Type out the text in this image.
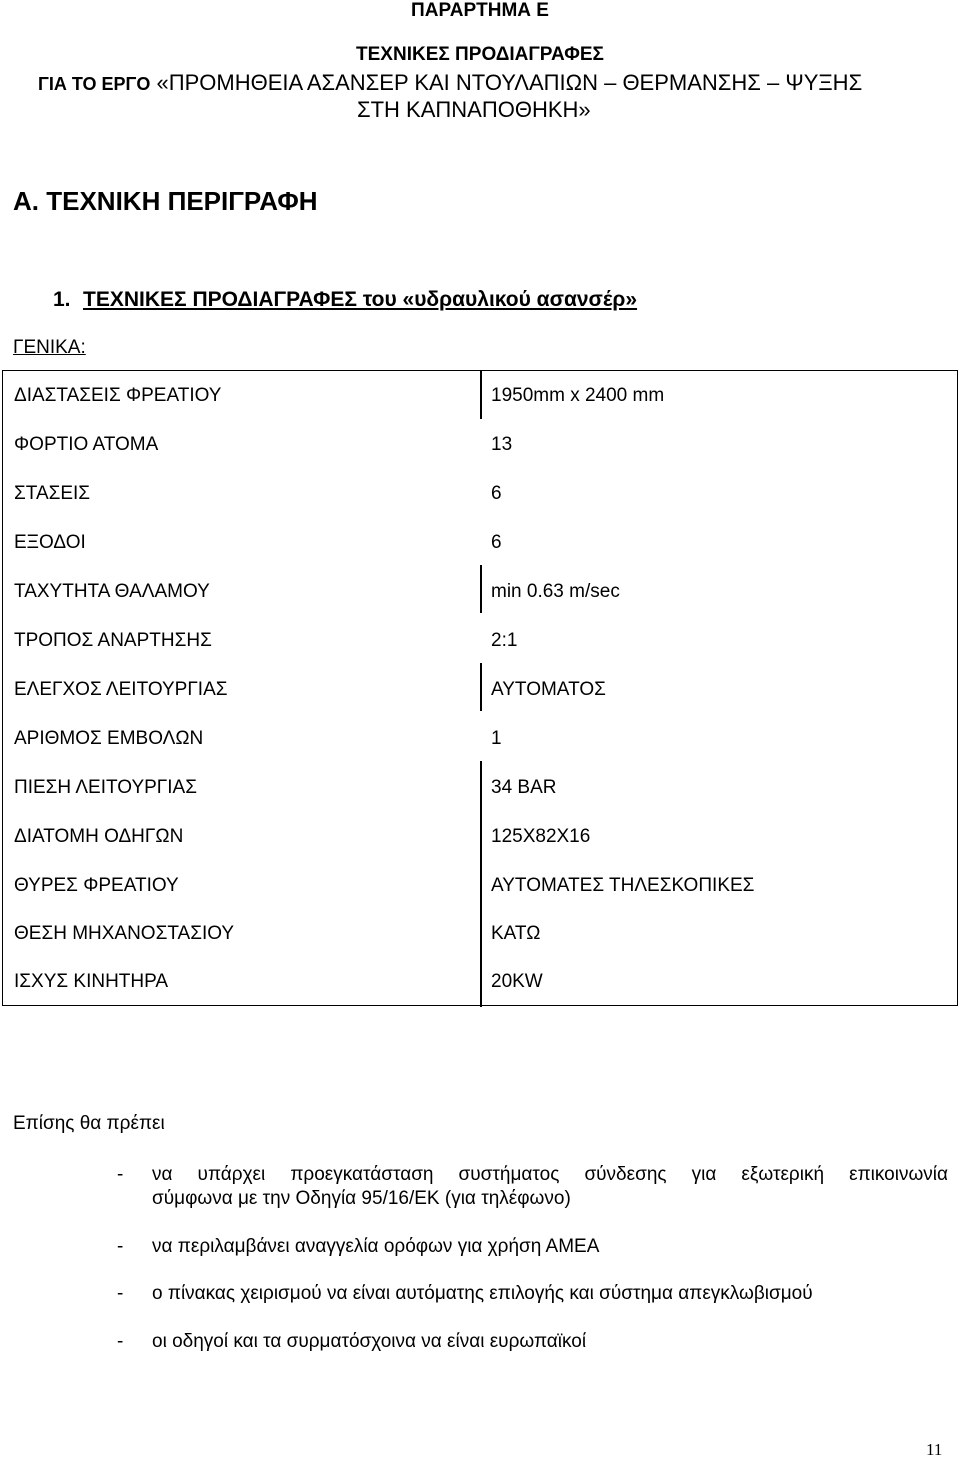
ΠΑΡΑΡΤΗΜΑ Ε
ΤΕΧΝΙΚΕΣ ΠΡΟΔΙΑΓΡΑΦΕΣ
ΓΙΑ ΤΟ ΕΡΓΟ «ΠΡΟΜΗΘΕΙΑ ΑΣΑΝΣΕΡ ΚΑΙ ΝΤΟΥΛΑΠΙΩΝ – ΘΕΡΜΑΝΣΗΣ – ΨΥΞΗΣ
ΣΤΗ ΚΑΠΝΑΠΟΘΗΚΗ»
Α. ΤΕΧΝΙΚΗ ΠΕΡΙΓΡΑΦΗ
1. ΤΕΧΝΙΚΕΣ ΠΡΟΔΙΑΓΡΑΦΕΣ του «υδραυλικού ασανσέρ»
ΓΕΝΙΚΑ:
ΔΙΑΣΤΑΣΕΙΣ ΦΡΕΑΤΙΟΥ	1950mm x 2400 mm
ΦΟΡΤΙΟ ΑΤΟΜΑ	13
ΣΤΑΣΕΙΣ	6
ΕΞΟΔΟΙ	6
ΤΑΧΥΤΗΤΑ ΘΑΛΑΜΟΥ	min 0.63 m/sec
ΤΡΟΠΟΣ ΑΝΑΡΤΗΣΗΣ	2:1
ΕΛΕΓΧΟΣ ΛΕΙΤΟΥΡΓΙΑΣ	ΑΥΤΟΜΑΤΟΣ
ΑΡΙΘΜΟΣ ΕΜΒΟΛΩΝ	1
ΠΙΕΣΗ ΛΕΙΤΟΥΡΓΙΑΣ	34 BAR
ΔΙΑΤΟΜΗ ΟΔΗΓΩΝ	125Χ82Χ16
ΘΥΡΕΣ ΦΡΕΑΤΙΟΥ	ΑΥΤΟΜΑΤΕΣ ΤΗΛΕΣΚΟΠΙΚΕΣ
ΘΕΣΗ ΜΗΧΑΝΟΣΤΑΣΙΟΥ	ΚΑΤΩ
ΙΣΧΥΣ ΚΙΝΗΤΗΡΑ	20KW
Επίσης θα πρέπει
- να υπάρχει προεγκατάσταση συστήματος σύνδεσης για εξωτερική επικοινωνία
σύμφωνα με την Οδηγία 95/16/ΕΚ (για τηλέφωνο)
- να περιλαμβάνει αναγγελία ορόφων για χρήση ΑΜΕΑ
- ο πίνακας χειρισμού να είναι αυτόματης επιλογής και σύστημα απεγκλωβισμού
- οι οδηγοί και τα συρματόσχοινα να είναι ευρωπαϊκοί
11
